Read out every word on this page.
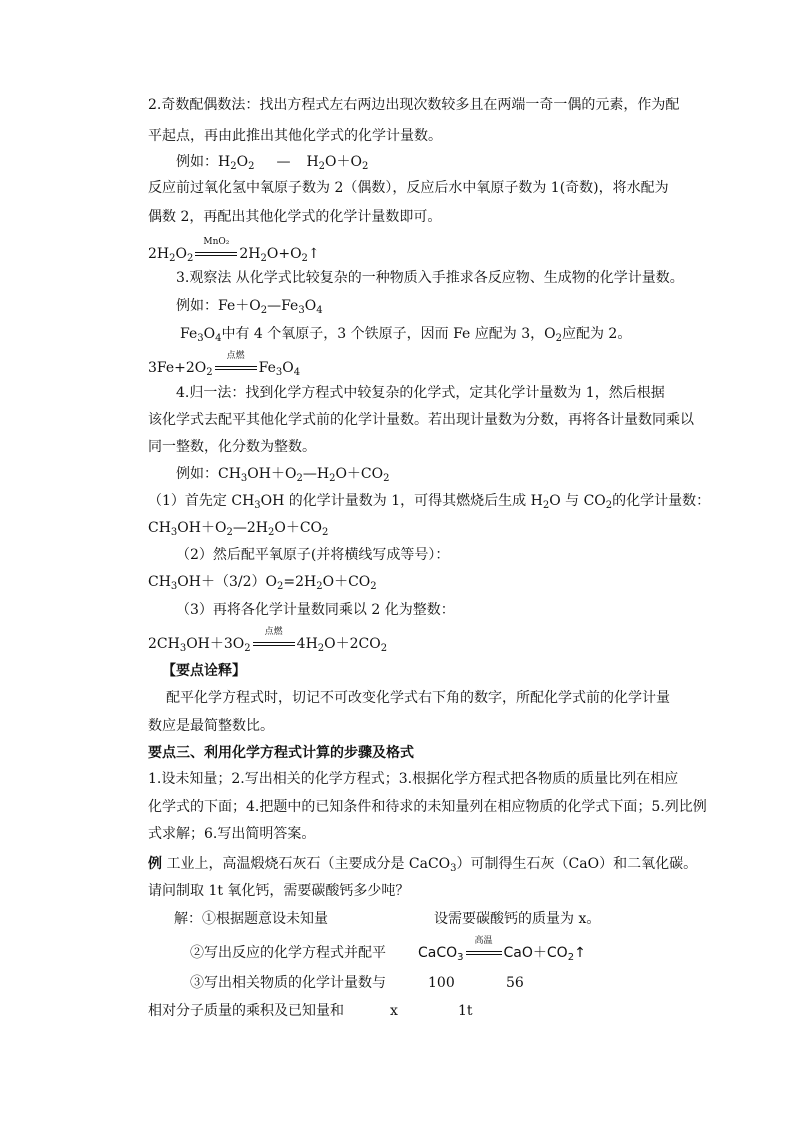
2.奇数配偶数法：找出方程式左右两边出现次数较多且在两端一奇一偶的元素，作为配
平起点，再由此推出其他化学式的化学计量数。
例如：$H_2O_2$ — $H_2O+O_2$
反应前过氧化氢中氧原子数为 2（偶数），反应后水中氧原子数为 1(奇数)，将水配为
偶数 2，再配出其他化学式的化学计量数即可。
$2H_2O_2$
MnO₂
$2H_2O+O_2↑$
3.观察法 从化学式比较复杂的一种物质入手推求各反应物、生成物的化学计量数。
例如：$Fe+O_2—Fe_3O_4$
$Fe_3O_4$中有 4 个氧原子，3 个铁原子，因而 Fe 应配为 3，$O_2$应配为 2。
$3Fe+2O_2$
点燃
$Fe_3O_4$
4.归一法：找到化学方程式中较复杂的化学式，定其化学计量数为 1，然后根据
该化学式去配平其他化学式前的化学计量数。若出现计量数为分数，再将各计量数同乘以
同一整数，化分数为整数。
例如：$CH_3OH+O_2—H_2O+CO_2$
（1）首先定 $CH_3OH$ 的化学计量数为 1，可得其燃烧后生成 $H_2O$ 与 $CO_2$的化学计量数：
$CH_3OH+O_2—2H_2O+CO_2$
（2）然后配平氧原子(并将横线写成等号）：
$CH_3OH+(3/2)O_2=2H_2O+CO_2$
（3）再将各化学计量数同乘以 2 化为整数：
$2CH_3OH+3O_2$
点燃
$4H_2O+2CO_2$
【要点诠释】
配平化学方程式时，切记不可改变化学式右下角的数字，所配化学式前的化学计量
数应是最简整数比。
要点三、利用化学方程式计算的步骤及格式
1.设未知量；2.写出相关的化学方程式；3.根据化学方程式把各物质的质量比列在相应
化学式的下面；4.把题中的已知条件和待求的未知量列在相应物质的化学式下面；5.列比例
式求解；6.写出简明答案。
例 工业上，高温煅烧石灰石（主要成分是 CaCO$_3$）可制得生石灰（CaO）和二氧化碳。
请问制取 1t 氧化钙，需要碳酸钙多少吨？
解：①根据题意设未知量	设需要碳酸钙的质量为 x。
②写出反应的化学方程式并配平 CaCO$_3$
高温
$CaO+CO_2↑$
③写出相关物质的化学计量数与	100	56
相对分子质量的乘积及已知量和	x	1t
